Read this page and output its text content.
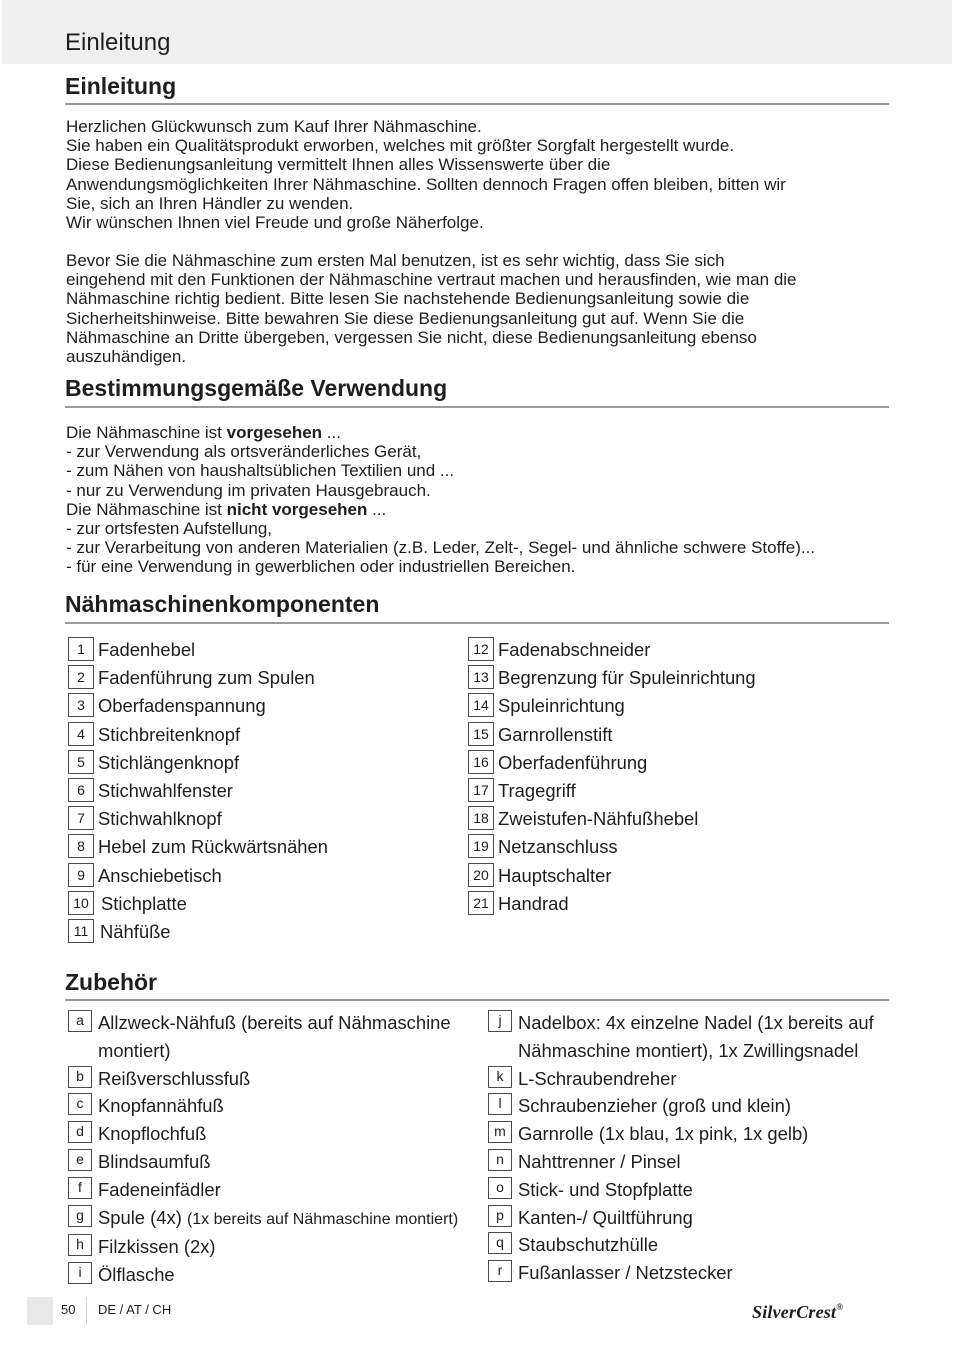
Einleitung
Einleitung
Herzlichen Glückwunsch zum Kauf Ihrer Nähmaschine.
Sie haben ein Qualitätsprodukt erworben, welches mit größter Sorgfalt hergestellt wurde.
Diese Bedienungsanleitung vermittelt Ihnen alles Wissenswerte über die
Anwendungsmöglichkeiten Ihrer Nähmaschine. Sollten dennoch Fragen offen bleiben, bitten wir
Sie, sich an Ihren Händler zu wenden.
Wir wünschen Ihnen viel Freude und große Näherfolge.
Bevor Sie die Nähmaschine zum ersten Mal benutzen, ist es sehr wichtig, dass Sie sich
eingehend mit den Funktionen der Nähmaschine vertraut machen und herausfinden, wie man die
Nähmaschine richtig bedient. Bitte lesen Sie nachstehende Bedienungsanleitung sowie die
Sicherheitshinweise. Bitte bewahren Sie diese Bedienungsanleitung gut auf. Wenn Sie die
Nähmaschine an Dritte übergeben, vergessen Sie nicht, diese Bedienungsanleitung ebenso
auszuhändigen.
Bestimmungsgemäße Verwendung
Die Nähmaschine ist vorgesehen ...
- zur Verwendung als ortsveränderliches Gerät,
- zum Nähen von haushaltsüblichen Textilien und ...
- nur zu Verwendung im privaten Hausgebrauch.
Die Nähmaschine ist nicht vorgesehen ...
- zur ortsfesten Aufstellung,
- zur Verarbeitung von anderen Materialien (z.B. Leder, Zelt-, Segel- und ähnliche schwere Stoffe)...
- für eine Verwendung in gewerblichen oder industriellen Bereichen.
Nähmaschinenkomponenten
1 Fadenhebel
2 Fadenführung zum Spulen
3 Oberfadenspannung
4 Stichbreitenknopf
5 Stichlängenknopf
6 Stichwahlfenster
7 Stichwahlknopf
8 Hebel zum Rückwärtsnähen
9 Anschiebetisch
10 Stichplatte
11 Nähfüße
12 Fadenabschneider
13 Begrenzung für Spuleinrichtung
14 Spuleinrichtung
15 Garnrollenstift
16 Oberfadenführung
17 Tragegriff
18 Zweistufen-Nähfußhebel
19 Netzanschluss
20 Hauptschalter
21 Handrad
Zubehör
a Allzweck-Nähfuß (bereits auf Nähmaschine
montiert)
b Reißverschlussfuß
c Knopfannähfuß
d Knopflochfuß
e Blindsaumfuß
f Fadeneinfädler
g Spule (4x) (1x bereits auf Nähmaschine montiert)
h Filzkissen (2x)
i Ölflasche
j Nadelbox: 4x einzelne Nadel (1x bereits auf
Nähmaschine montiert), 1x Zwillingsnadel
k L-Schraubendreher
l Schraubenzieher (groß und klein)
m Garnrolle (1x blau, 1x pink, 1x gelb)
n Nahttrenner / Pinsel
o Stick- und Stopfplatte
p Kanten-/ Quiltführung
q Staubschutzhülle
r Fußanlasser / Netzstecker
50 DE / AT / CH	SilverCrest®
